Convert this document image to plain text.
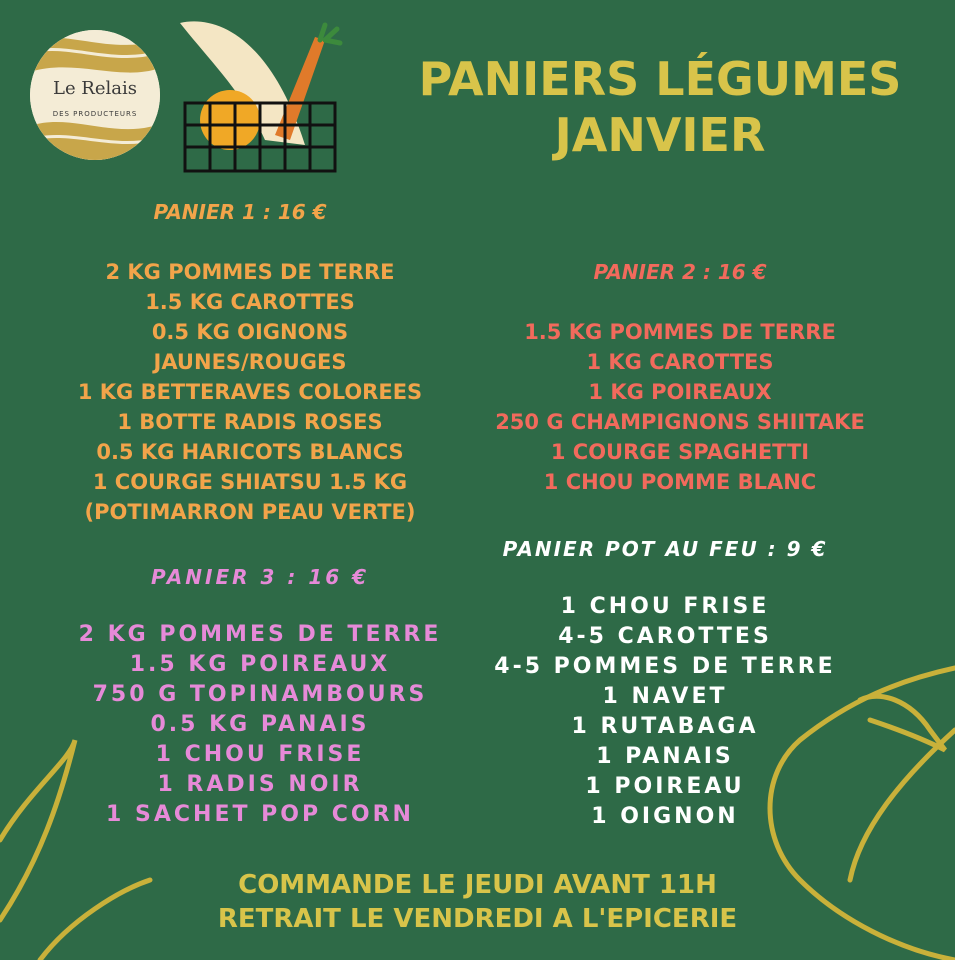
Le Relais
DES PRODUCTEURS
PANIERS LÉGUMES
JANVIER
PANIER 1 : 16 €
2 KG POMMES DE TERRE
1.5 KG CAROTTES
0.5 KG OIGNONS
JAUNES/ROUGES
1 KG BETTERAVES COLOREES
1 BOTTE RADIS ROSES
0.5 KG HARICOTS BLANCS
1 COURGE SHIATSU 1.5 KG
(POTIMARRON PEAU VERTE)
PANIER 2 : 16 €
1.5 KG POMMES DE TERRE
1 KG CAROTTES
1 KG POIREAUX
250 G CHAMPIGNONS SHIITAKE
1 COURGE SPAGHETTI
1 CHOU POMME BLANC
PANIER POT AU FEU : 9 €
1 CHOU FRISE
4-5 CAROTTES
4-5 POMMES DE TERRE
1 NAVET
1 RUTABAGA
1 PANAIS
1 POIREAU
1 OIGNON
PANIER 3 : 16 €
2 KG POMMES DE TERRE
1.5 KG POIREAUX
750 G TOPINAMBOURS
0.5 KG PANAIS
1 CHOU FRISE
1 RADIS NOIR
1 SACHET POP CORN
COMMANDE LE JEUDI AVANT 11H
RETRAIT LE VENDREDI A L'EPICERIE
